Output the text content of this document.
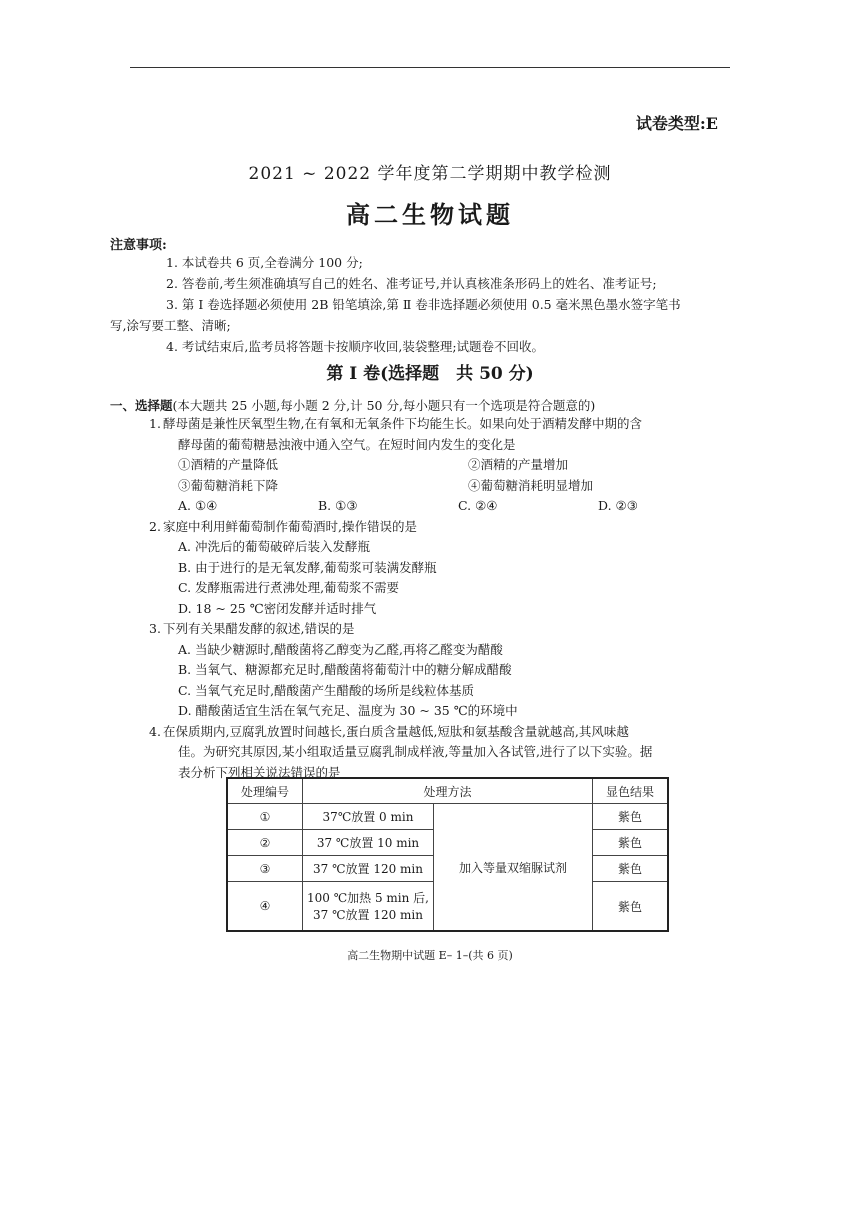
试卷类型:E
2021 ~ 2022 学年度第二学期期中教学检测
高二生物试题
注意事项:

1. 本试卷共 6 页,全卷满分 100 分;

2. 答卷前,考生须准确填写自己的姓名、准考证号,并认真核准条形码上的姓名、准考证号;

3. 第 Ⅰ 卷选择题必须使用 2B 铅笔填涂,第 Ⅱ 卷非选择题必须使用 0.5 毫米黑色墨水签字笔书

写,涂写要工整、清晰;

4. 考试结束后,监考员将答题卡按顺序收回,装袋整理;试题卷不回收。

第 Ⅰ 卷(选择题　共 50 分)
一、选择题(本大题共 25 小题,每小题 2 分,计 50 分,每小题只有一个选项是符合题意的)
1. 酵母菌是兼性厌氧型生物,在有氧和无氧条件下均能生长。如果向处于酒精发酵中期的含
酵母菌的葡萄糖悬浊液中通入空气。在短时间内发生的变化是
①酒精的产量降低	②酒精的产量增加
③葡萄糖消耗下降	④葡萄糖消耗明显增加
A. ①④	B. ①③	C. ②④	D. ②③
2. 家庭中利用鲜葡萄制作葡萄酒时,操作错误的是

A. 冲洗后的葡萄破碎后装入发酵瓶

B. 由于进行的是无氧发酵,葡萄浆可装满发酵瓶

C. 发酵瓶需进行煮沸处理,葡萄浆不需要

D. 18 ~ 25 ℃密闭发酵并适时排气

3. 下列有关果醋发酵的叙述,错误的是

A. 当缺少糖源时,醋酸菌将乙醇变为乙醛,再将乙醛变为醋酸

B. 当氧气、糖源都充足时,醋酸菌将葡萄汁中的糖分解成醋酸

C. 当氧气充足时,醋酸菌产生醋酸的场所是线粒体基质

D. 醋酸菌适宜生活在氧气充足、温度为 30 ~ 35 ℃的环境中

4. 在保质期内,豆腐乳放置时间越长,蛋白质含量越低,短肽和氨基酸含量就越高,其风味越
佳。为研究其原因,某小组取适量豆腐乳制成样液,等量加入各试管,进行了以下实验。据
表分析下列相关说法错误的是
处理编号	处理方法		显色结果
①	37℃放置 0 min	加入等量双缩脲试剂	紫色
②	37 ℃放置 10 min		紫色
③	37 ℃放置 120 min		紫色
④	100 ℃加热 5 min 后,
37 ℃放置 120 min		紫色
高二生物期中试题 E– 1–(共 6 页)
